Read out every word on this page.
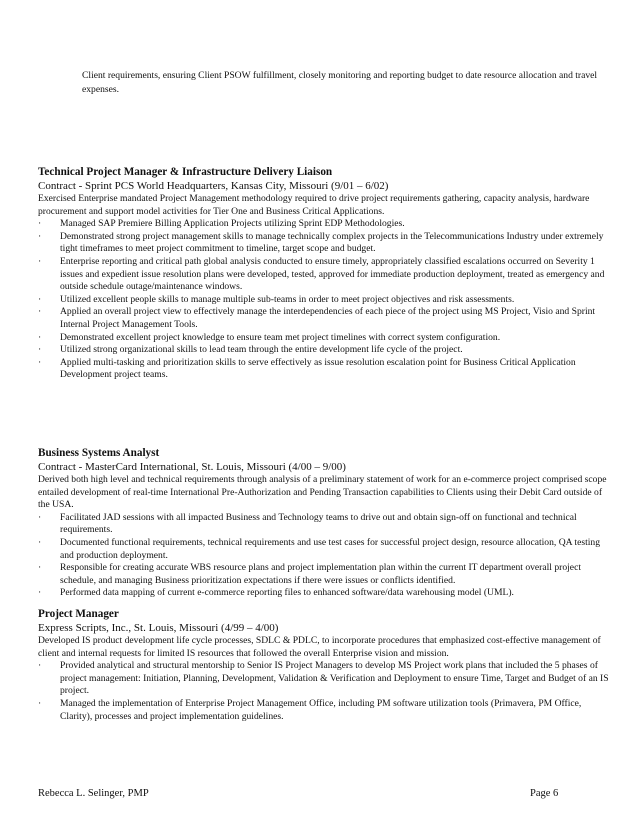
Client requirements, ensuring Client PSOW fulfillment, closely monitoring and reporting budget to date resource allocation and travel expenses.
Technical Project Manager & Infrastructure Delivery Liaison
Contract - Sprint PCS World Headquarters, Kansas City, Missouri (9/01 – 6/02)
Exercised Enterprise mandated Project Management methodology required to drive project requirements gathering, capacity analysis, hardware procurement and support model activities for Tier One and Business Critical Applications.
· Managed SAP Premiere Billing Application Projects utilizing Sprint EDP Methodologies.
· Demonstrated strong project management skills to manage technically complex projects in the Telecommunications Industry under extremely tight timeframes to meet project commitment to timeline, target scope and budget.
· Enterprise reporting and critical path global analysis conducted to ensure timely, appropriately classified escalations occurred on Severity 1 issues and expedient issue resolution plans were developed, tested, approved for immediate production deployment, treated as emergency and outside schedule outage/maintenance windows.
· Utilized excellent people skills to manage multiple sub-teams in order to meet project objectives and risk assessments.
· Applied an overall project view to effectively manage the interdependencies of each piece of the project using MS Project, Visio and Sprint Internal Project Management Tools.
· Demonstrated excellent project knowledge to ensure team met project timelines with correct system configuration.
· Utilized strong organizational skills to lead team through the entire development life cycle of the project.
· Applied multi-tasking and prioritization skills to serve effectively as issue resolution escalation point for Business Critical Application Development project teams.
Business Systems Analyst
Contract - MasterCard International, St. Louis, Missouri (4/00 – 9/00)
Derived both high level and technical requirements through analysis of a preliminary statement of work for an e-commerce project comprised scope entailed development of real-time International Pre-Authorization and Pending Transaction capabilities to Clients using their Debit Card outside of the USA.
· Facilitated JAD sessions with all impacted Business and Technology teams to drive out and obtain sign-off on functional and technical requirements.
· Documented functional requirements, technical requirements and use test cases for successful project design, resource allocation, QA testing and production deployment.
· Responsible for creating accurate WBS resource plans and project implementation plan within the current IT department overall project schedule, and managing Business prioritization expectations if there were issues or conflicts identified.
· Performed data mapping of current e-commerce reporting files to enhanced software/data warehousing model (UML).
Project Manager
Express Scripts, Inc., St. Louis, Missouri (4/99 – 4/00)
Developed IS product development life cycle processes, SDLC & PDLC, to incorporate procedures that emphasized cost-effective management of client and internal requests for limited IS resources that followed the overall Enterprise vision and mission.
· Provided analytical and structural mentorship to Senior IS Project Managers to develop MS Project work plans that included the 5 phases of project management: Initiation, Planning, Development, Validation & Verification and Deployment to ensure Time, Target and Budget of an IS project.
· Managed the implementation of Enterprise Project Management Office, including PM software utilization tools (Primavera, PM Office, Clarity), processes and project implementation guidelines.
Rebecca L. Selinger, PMP	Page 6
